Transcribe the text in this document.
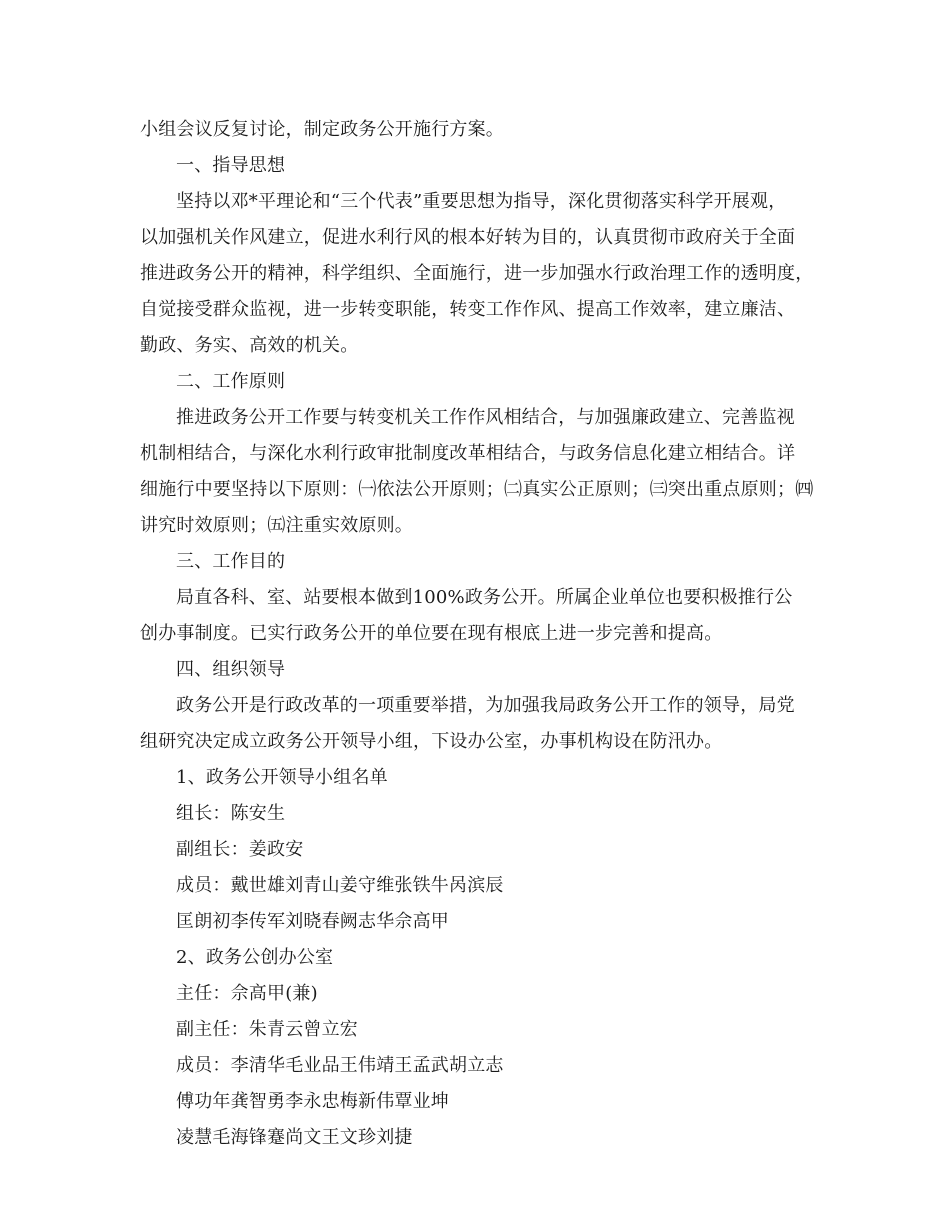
小组会议反复讨论，制定政务公开施行方案。
一、指导思想
坚持以邓*平理论和“三个代表”重要思想为指导，深化贯彻落实科学开展观，
以加强机关作风建立，促进水利行风的根本好转为目的，认真贯彻市政府关于全面
推进政务公开的精神，科学组织、全面施行，进一步加强水行政治理工作的透明度，
自觉接受群众监视，进一步转变职能，转变工作作风、提高工作效率，建立廉洁、
勤政、务实、高效的机关。
二、工作原则
推进政务公开工作要与转变机关工作作风相结合，与加强廉政建立、完善监视
机制相结合，与深化水利行政审批制度改革相结合，与政务信息化建立相结合。详
细施行中要坚持以下原则：㈠依法公开原则；㈡真实公正原则；㈢突出重点原则；㈣
讲究时效原则；㈤注重实效原则。
三、工作目的
局直各科、室、站要根本做到100%政务公开。所属企业单位也要积极推行公
创办事制度。已实行政务公开的单位要在现有根底上进一步完善和提高。
四、组织领导
政务公开是行政改革的一项重要举措，为加强我局政务公开工作的领导，局党
组研究决定成立政务公开领导小组，下设办公室，办事机构设在防汛办。
1、政务公开领导小组名单
组长：陈安生
副组长：姜政安
成员：戴世雄刘青山姜守维张铁牛呙滨辰
匡朗初李传军刘晓春阙志华佘高甲
2、政务公创办公室
主任：佘高甲(兼)
副主任：朱青云曾立宏
成员：李清华毛业品王伟靖王孟武胡立志
傅功年龚智勇李永忠梅新伟覃业坤
凌慧毛海锋蹇尚文王文珍刘捷
